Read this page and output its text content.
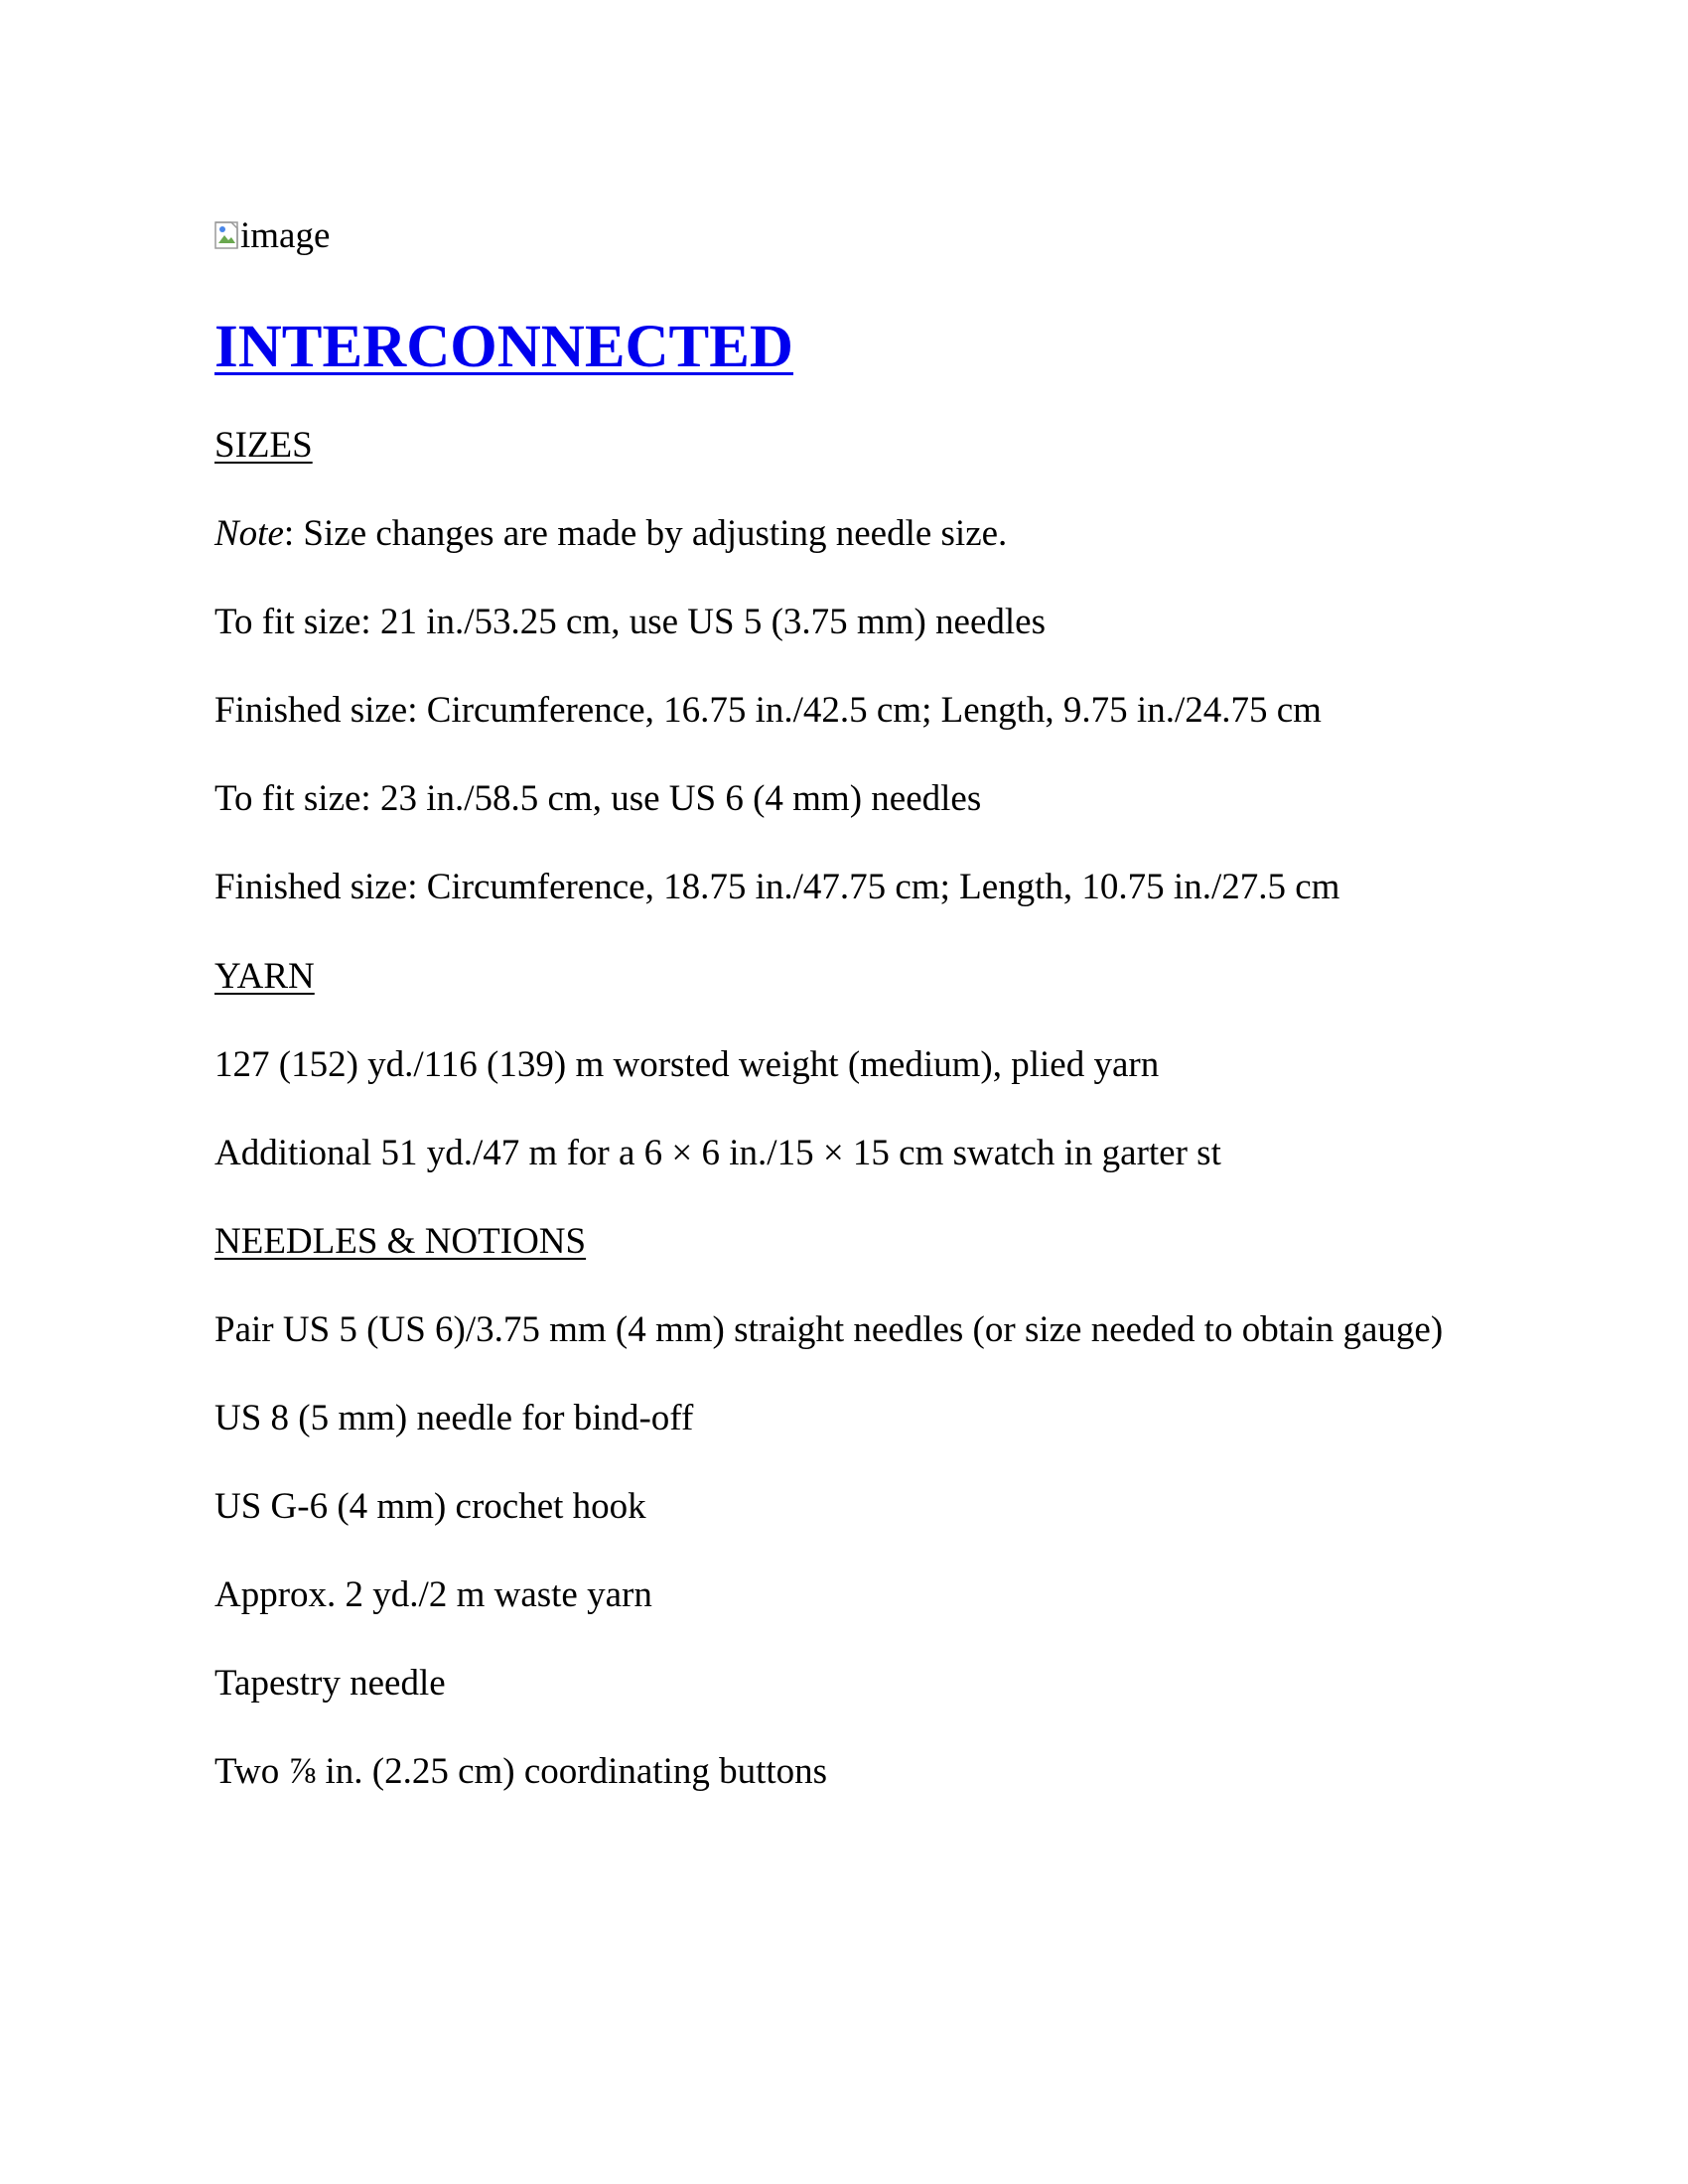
image
INTERCONNECTED

SIZES

Note: Size changes are made by adjusting needle size.

To fit size: 21 in./53.25 cm, use US 5 (3.75 mm) needles

Finished size: Circumference, 16.75 in./42.5 cm; Length, 9.75 in./24.75 cm

To fit size: 23 in./58.5 cm, use US 6 (4 mm) needles

Finished size: Circumference, 18.75 in./47.75 cm; Length, 10.75 in./27.5 cm

YARN

127 (152) yd./116 (139) m worsted weight (medium), plied yarn

Additional 51 yd./47 m for a 6 × 6 in./15 × 15 cm swatch in garter st

NEEDLES & NOTIONS

Pair US 5 (US 6)/3.75 mm (4 mm) straight needles (or size needed to obtain gauge)

US 8 (5 mm) needle for bind-off

US G-6 (4 mm) crochet hook

Approx. 2 yd./2 m waste yarn

Tapestry needle

Two ⅞ in. (2.25 cm) coordinating buttons
